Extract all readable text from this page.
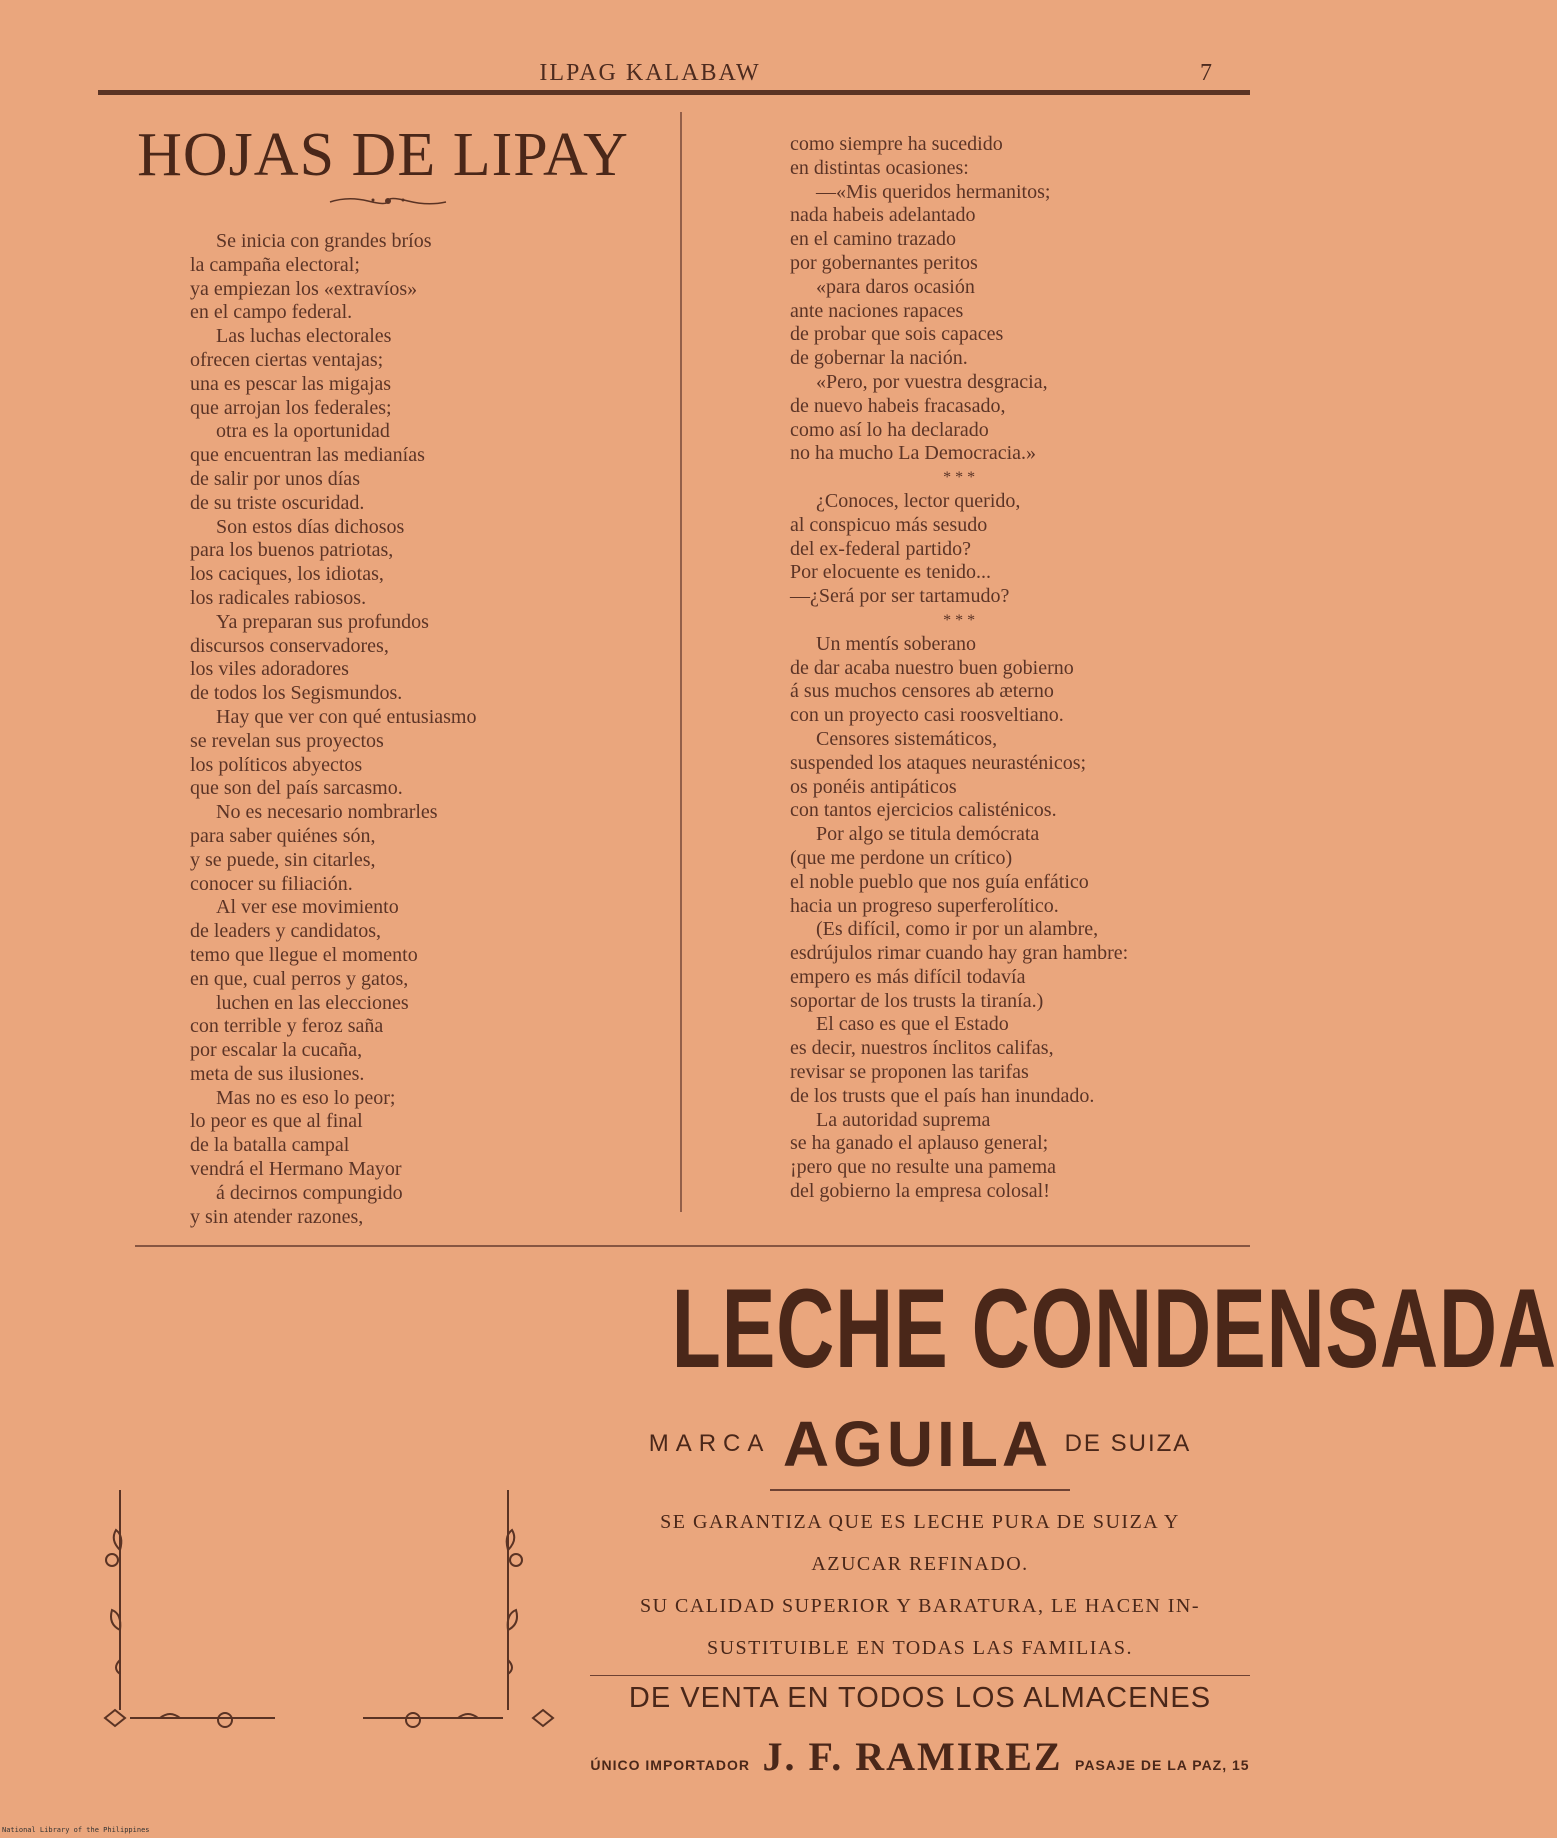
ILPAG KALABAW	7
HOJAS DE LIPAY
Se inicia con grandes bríos
la campaña electoral;
ya empiezan los «extravíos»
en el campo federal.
Las luchas electorales
ofrecen ciertas ventajas;
una es pescar las migajas
que arrojan los federales;
otra es la oportunidad
que encuentran las medianías
de salir por unos días
de su triste oscuridad.
Son estos días dichosos
para los buenos patriotas,
los caciques, los idiotas,
los radicales rabiosos.
Ya preparan sus profundos
discursos conservadores,
los viles adoradores
de todos los Segismundos.
Hay que ver con qué entusiasmo
se revelan sus proyectos
los políticos abyectos
que son del país sarcasmo.
No es necesario nombrarles
para saber quiénes són,
y se puede, sin citarles,
conocer su filiación.
Al ver ese movimiento
de leaders y candidatos,
temo que llegue el momento
en que, cual perros y gatos,
luchen en las elecciones
con terrible y feroz saña
por escalar la cucaña,
meta de sus ilusiones.
Mas no es eso lo peor;
lo peor es que al final
de la batalla campal
vendrá el Hermano Mayor
á decirnos compungido
y sin atender razones,
como siempre ha sucedido
en distintas ocasiones:
—«Mis queridos hermanitos;
nada habeis adelantado
en el camino trazado
por gobernantes peritos
«para daros ocasión
ante naciones rapaces
de probar que sois capaces
de gobernar la nación.
«Pero, por vuestra desgracia,
de nuevo habeis fracasado,
como así lo ha declarado
no ha mucho La Democracia.»
* * *
¿Conoces, lector querido,
al conspicuo más sesudo
del ex-federal partido?
Por elocuente es tenido...
—¿Será por ser tartamudo?
* * *
Un mentís soberano
de dar acaba nuestro buen gobierno
á sus muchos censores ab æterno
con un proyecto casi roosveltiano.
Censores sistemáticos,
suspended los ataques neurasténicos;
os ponéis antipáticos
con tantos ejercicios calisténicos.
Por algo se titula demócrata
(que me perdone un crítico)
el noble pueblo que nos guía enfático
hacia un progreso superferolítico.
(Es difícil, como ir por un alambre,
esdrújulos rimar cuando hay gran hambre:
empero es más difícil todavía
soportar de los trusts la tiranía.)
El caso es que el Estado
es decir, nuestros ínclitos califas,
revisar se proponen las tarifas
de los trusts que el país han inundado.
La autoridad suprema
se ha ganado el aplauso general;
¡pero que no resulte una pamema
del gobierno la empresa colosal!
LECHE CONDENSADA
MARCA AGUILA DE SUIZA
SE GARANTIZA QUE ES LECHE PURA DE SUIZA Y
AZUCAR REFINADO.
SU CALIDAD SUPERIOR Y BARATURA, LE HACEN IN-
SUSTITUIBLE EN TODAS LAS FAMILIAS.
DE VENTA EN TODOS LOS ALMACENES
ÚNICO IMPORTADOR J. F. RAMIREZ PASAJE DE LA PAZ, 15
National Library of the Philippines
